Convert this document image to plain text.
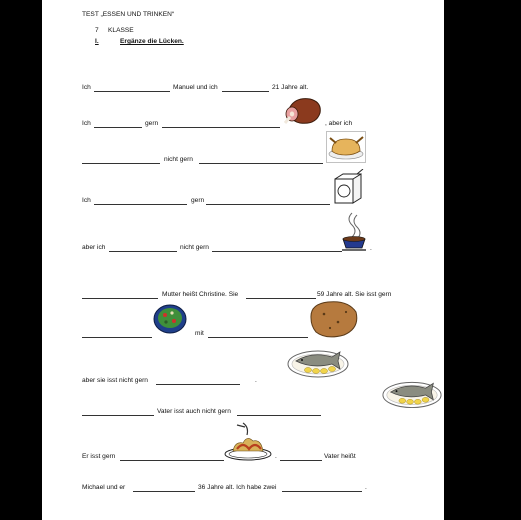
TEST „ESSEN UND TRINKEN“
7 KLASSE
I.	Ergänze die Lücken.
Ich	Manuel und ich	21 Jahre alt.
Ich	gern	, aber ich
nicht gern
Ich	gern
aber ich	nicht gern	.
Mutter heißt Christine. Sie	59 Jahre alt. Sie isst gern
mit
aber sie isst nicht gern	.
Vater isst auch nicht gern
Er isst gern	.	Vater heißt
Michael und er	36 Jahre alt. Ich habe zwei	.
